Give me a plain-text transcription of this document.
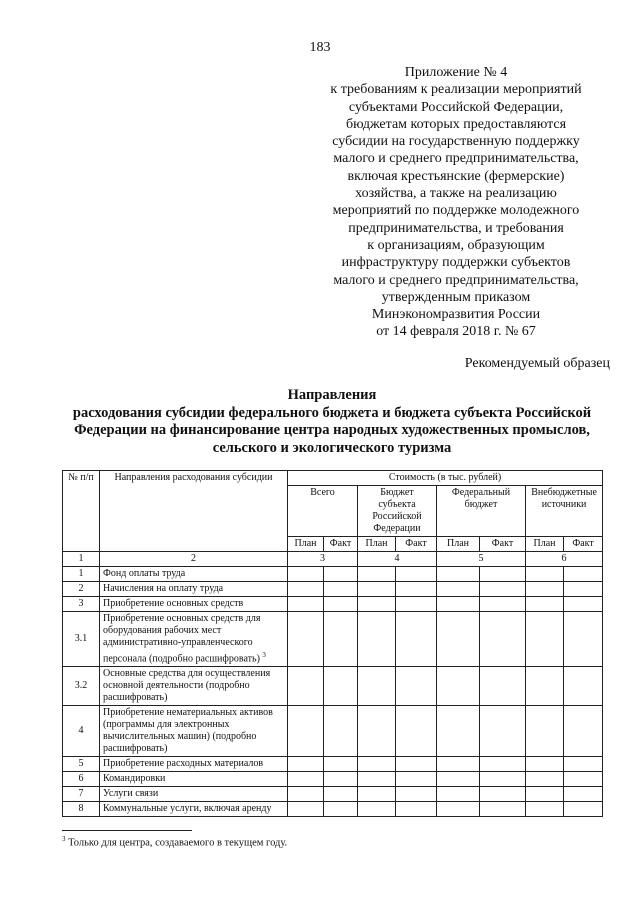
183
Приложение № 4
к требованиям к реализации мероприятий
субъектами Российской Федерации,
бюджетам которых предоставляются
субсидии на государственную поддержку
малого и среднего предпринимательства,
включая крестьянские (фермерские)
хозяйства, а также на реализацию
мероприятий по поддержке молодежного
предпринимательства, и требования
к организациям, образующим
инфраструктуру поддержки субъектов
малого и среднего предпринимательства,
утвержденным приказом
Минэкономразвития России
от 14 февраля 2018 г. № 67
Рекомендуемый образец
Направления
расходования субсидии федерального бюджета и бюджета субъекта Российской
Федерации на финансирование центра народных художественных промыслов,
сельского и экологического туризма
№ п/п	Направления расходования субсидии	Стоимость (в тыс. рублей)							
		Всего		Бюджет субъекта Российской Федерации		Федеральный бюджет		Внебюджетные источники	
		План	Факт	План	Факт	План	Факт	План	Факт
1	2	3		4		5		6	
1	Фонд оплаты труда								
2	Начисления на оплату труда								
3	Приобретение основных средств								
3.1	Приобретение основных средств для оборудования рабочих мест административно-управленческого персонала (подробно расшифровать) $^3$								
3.2	Основные средства для осуществления основной деятельности (подробно расшифровать)								
4	Приобретение нематериальных активов (программы для электронных вычислительных машин) (подробно расшифровать)								
5	Приобретение расходных материалов								
6	Командировки								
7	Услуги связи								
8	Коммунальные услуги, включая аренду								
$^3$ Только для центра, создаваемого в текущем году.
